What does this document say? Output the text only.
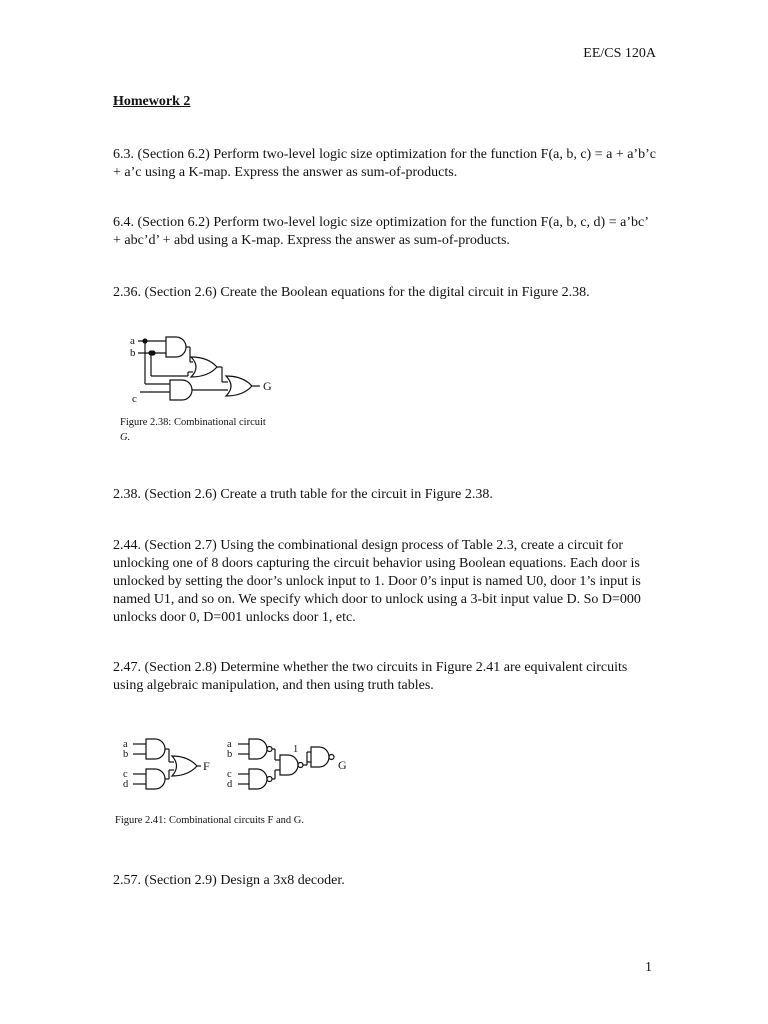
EE/CS 120A
Homework 2
6.3. (Section 6.2) Perform two-level logic size optimization for the function F(a, b, c) = a + a’b’c + a’c using a K-map. Express the answer as sum-of-products.
6.4. (Section 6.2) Perform two-level logic size optimization for the function F(a, b, c, d) = a’bc’ + abc’d’ + abd using a K-map. Express the answer as sum-of-products.
2.36. (Section 2.6) Create the Boolean equations for the digital circuit in Figure 2.38.
a
b
c
G
Figure 2.38: Combinational circuit
G.
2.38. (Section 2.6) Create a truth table for the circuit in Figure 2.38.
2.44. (Section 2.7) Using the combinational design process of Table 2.3, create a circuit for unlocking one of 8 doors capturing the circuit behavior using Boolean equations. Each door is unlocked by setting the door’s unlock input to 1. Door 0’s input is named U0, door 1’s input is named U1, and so on. We specify which door to unlock using a 3-bit input value D. So D=000 unlocks door 0, D=001 unlocks door 1, etc.
2.47. (Section 2.8) Determine whether the two circuits in Figure 2.41 are equivalent circuits using algebraic manipulation, and then using truth tables.
a
b
c
d
F
a
b
c
d
1
G
Figure 2.41: Combinational circuits F and G.
2.57. (Section 2.9) Design a 3x8 decoder.
1
